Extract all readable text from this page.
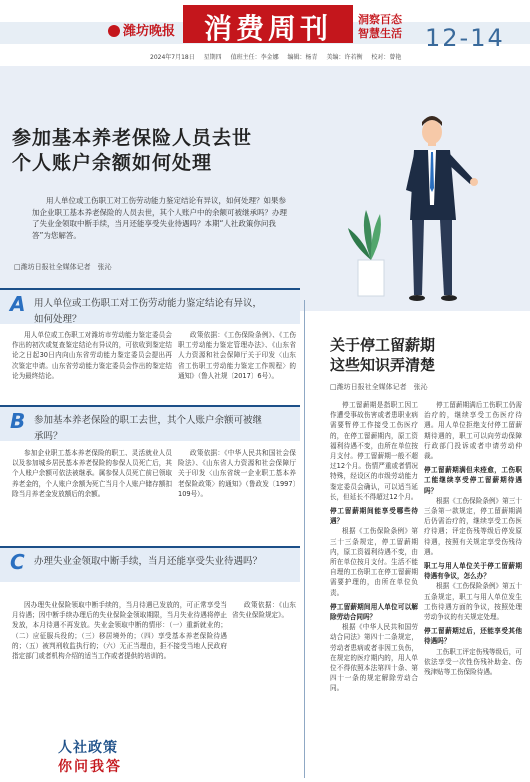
潍坊晚报	消费周刊	洞察百态
智慧生活 12-14
2024年7月18日 星期四 值班主任：李金娜 编辑：杨青 美编：许若衡 校对：曾艳
参加基本养老保险人员去世
个人账户余额如何处理
用人单位或工伤职工对工伤劳动能力鉴定结论有异议，如何处理？如果参加企业职工基本养老保险的人员去世，其个人账户中的余额可被继承吗？办理了失业金领取中断手续，当月还能享受失业待遇吗？本期“人社政策你问我答”为您解答。
□潍坊日报社全媒体记者　张沁
A 用人单位或工伤职工对工伤劳动能力鉴定结论有异议，如何处理？
用人单位或工伤职工对潍坊市劳动能力鉴定委员会作出的初次或复查鉴定结论有异议的，可依收到鉴定结论之日起30日内向山东省劳动能力鉴定委员会提出再次鉴定申请。山东省劳动能力鉴定委员会作出的鉴定结论为最终结论。
政策依据：《工伤保险条例》、《工伤职工劳动能力鉴定管理办法》、《山东省人力资源和社会保障厅关于印发〈山东省工伤职工劳动能力鉴定工作规程〉的通知》（鲁人社规〔2017〕6号）。
B 参加基本养老保险的职工去世，其个人账户余额可被继承吗？
参加企业职工基本养老保险的职工、灵活就业人员以及参加城乡居民基本养老保险的参保人员死亡后，其个人账户余额可依法被继承。属参保人员死亡前已领取养老金的，个人账户余额为死亡当月个人账户储存额扣除当月养老金发放额后的余额。
政策依据：《中华人民共和国社会保险法》、《山东省人力资源和社会保障厅关于印发〈山东省统一企业职工基本养老保险政策〉的通知》（鲁政发〔1997〕109号）。
C 办理失业金领取中断手续，当月还能享受失业待遇吗？
因办理失业保险领取中断手续的，当月待遇已发放的，可正常享受当月待遇；因中断手续办理后的失业保险金领取期限，当月失业待遇将停止发放，本月待遇不再发放。失业金领取中断的情形：（一）重新就业的；（二）应征服兵役的；（三）移居境外的；（四）享受基本养老保险待遇的；（五）被判刑收监执行的；（六）无正当理由，拒不接受当地人民政府指定部门或者机构介绍的适当工作或者提供的培训的。
政策依据：《山东省失业保险规定》。
人社政策
你问我答
关于停工留薪期
这些知识弄清楚
□潍坊日报社全媒体记者　张沁
停工留薪期是指职工因工作遭受事故伤害或者患职业病需要暂停工作接受工伤医疗的，在停工留薪期内，原工资福利待遇不变，由所在单位按月支付。停工留薪期一般不超过12个月。伤情严重或者情况特殊，经设区的市级劳动能力鉴定委员会确认，可以适当延长，但延长不得超过12个月。
停工留薪期间能享受哪些待遇？
根据《工伤保险条例》第三十三条规定，停工留薪期内，原工资福利待遇不变，由所在单位按月支付。生活不能自理的工伤职工在停工留薪期需要护理的，由所在单位负责。
停工留薪期间用人单位可以解除劳动合同吗？
根据《中华人民共和国劳动合同法》第四十二条规定，劳动者患病或者非因工负伤，在规定的医疗期内的，用人单位不得依照本法第四十条、第四十一条的规定解除劳动合同。
停工留薪期满后工伤职工仍需治疗的，继续享受工伤医疗待遇。用人单位拒绝支付停工留薪期待遇的，职工可以向劳动保障行政部门投诉或者申请劳动仲裁。
停工留薪期满但未痊愈，工伤职工能继续享受停工留薪期待遇吗？
根据《工伤保险条例》第三十三条第一款规定，停工留薪期满后仍需治疗的，继续享受工伤医疗待遇；评定伤残等级后停发原待遇，按照有关规定享受伤残待遇。
职工与用人单位关于停工留薪期待遇有争议，怎么办？
根据《工伤保险条例》第五十五条规定，职工与用人单位发生工伤待遇方面的争议，按照处理劳动争议的有关规定处理。
停工留薪期过后，还能享受其他待遇吗？
工伤职工评定伤残等级后，可依法享受一次性伤残补助金、伤残津贴等工伤保险待遇。
